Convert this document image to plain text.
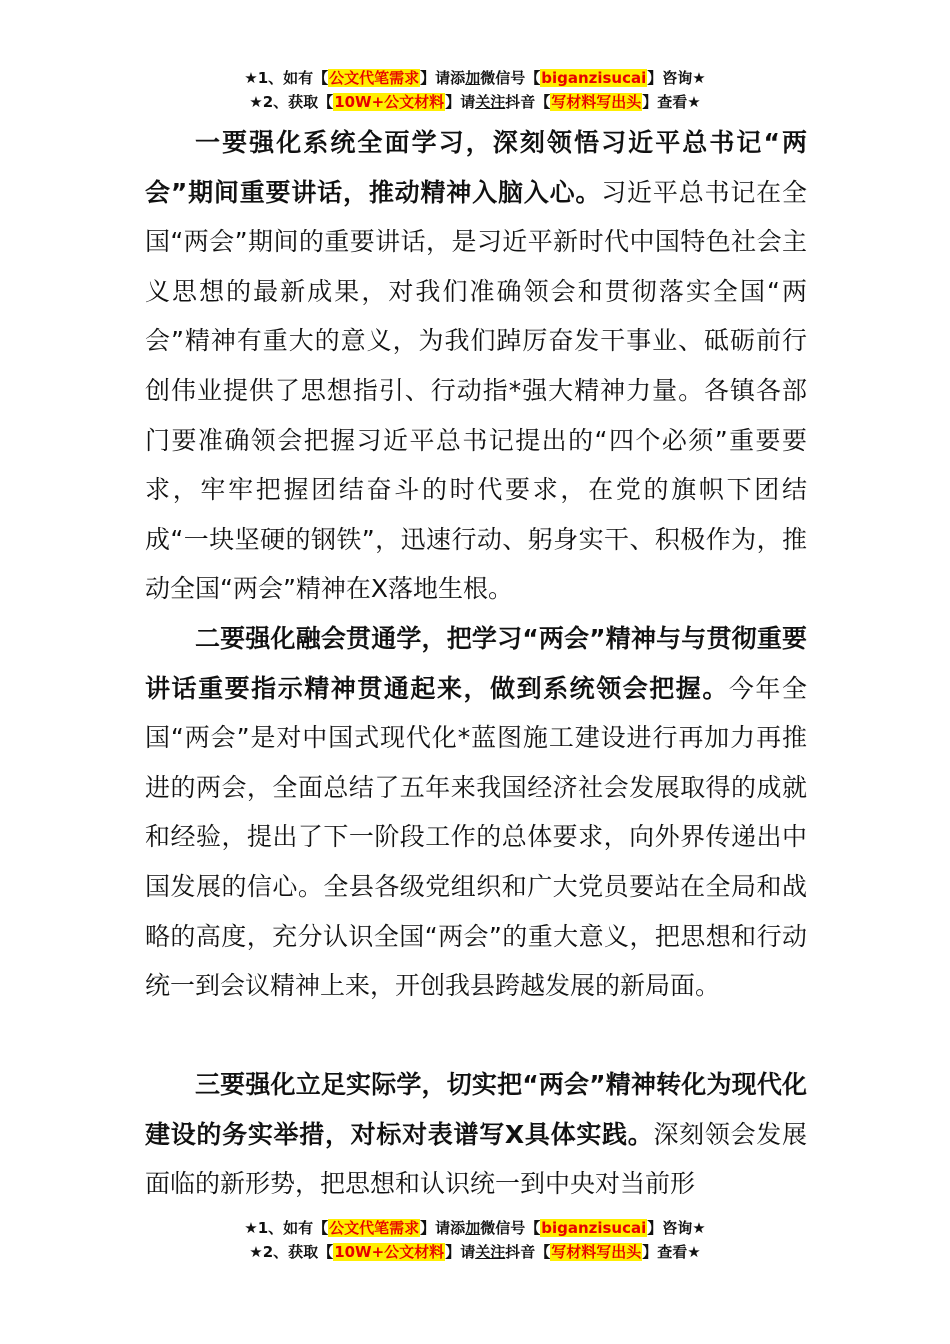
★1、如有【公文代笔需求】请添加微信号【biganzisucai】咨询★
★2、获取【10W+公文材料】请关注抖音【写材料写出头】查看★

一要强化系统全面学习，深刻领悟习近平总书记“两会”期间重要讲话，推动精神入脑入心。习近平总书记在全国“两会”期间的重要讲话，是习近平新时代中国特色社会主义思想的最新成果，对我们准确领会和贯彻落实全国“两会”精神有重大的意义，为我们踔厉奋发干事业、砥砺前行创伟业提供了思想指引、行动指*强大精神力量。各镇各部门要准确领会把握习近平总书记提出的“四个必须”重要要求，牢牢把握团结奋斗的时代要求，在党的旗帜下团结成“一块坚硬的钢铁”，迅速行动、躬身实干、积极作为，推动全国“两会”精神在X落地生根。

二要强化融会贯通学，把学习“两会”精神与与贯彻重要讲话重要指示精神贯通起来，做到系统领会把握。今年全国“两会”是对中国式现代化*蓝图施工建设进行再加力再推进的两会，全面总结了五年来我国经济社会发展取得的成就和经验，提出了下一阶段工作的总体要求，向外界传递出中国发展的信心。全县各级党组织和广大党员要站在全局和战略的高度，充分认识全国“两会”的重大意义，把思想和行动统一到会议精神上来，开创我县跨越发展的新局面。

三要强化立足实际学，切实把“两会”精神转化为现代化建设的务实举措，对标对表谱写X具体实践。深刻领会发展面临的新形势，把思想和认识统一到中央对当前形

★1、如有【公文代笔需求】请添加微信号【biganzisucai】咨询★
★2、获取【10W+公文材料】请关注抖音【写材料写出头】查看★
